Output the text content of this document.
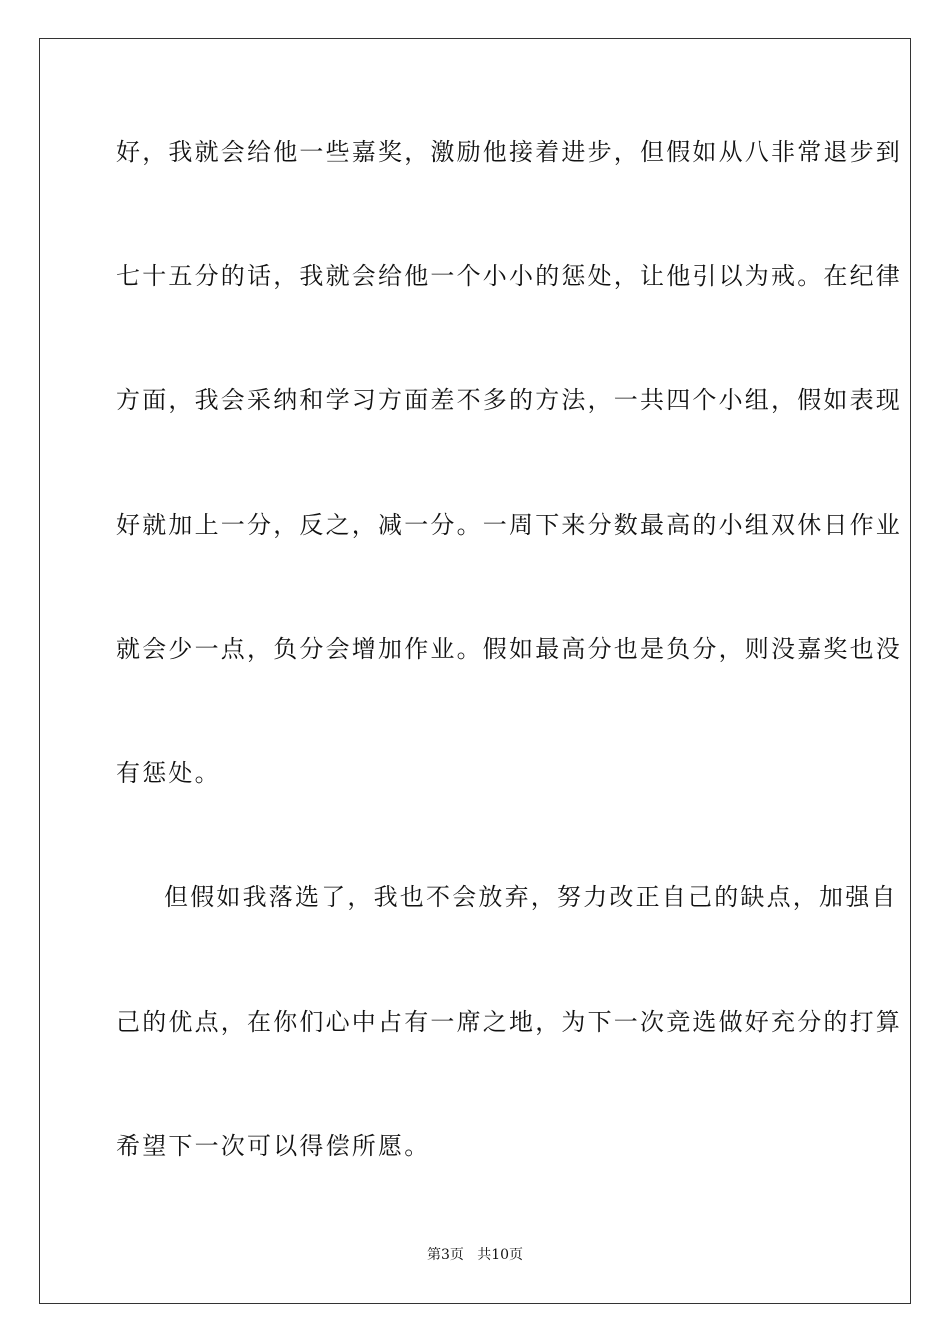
好，我就会给他一些嘉奖，激励他接着进步，但假如从八非常退步到
七十五分的话，我就会给他一个小小的惩处，让他引以为戒。在纪律
方面，我会采纳和学习方面差不多的方法，一共四个小组，假如表现
好就加上一分，反之，减一分。一周下来分数最高的小组双休日作业
就会少一点，负分会增加作业。假如最高分也是负分，则没嘉奖也没
有惩处。
但假如我落选了，我也不会放弃，努力改正自己的缺点，加强自
己的优点，在你们心中占有一席之地，为下一次竞选做好充分的打算
希望下一次可以得偿所愿。
第3页   共10页
